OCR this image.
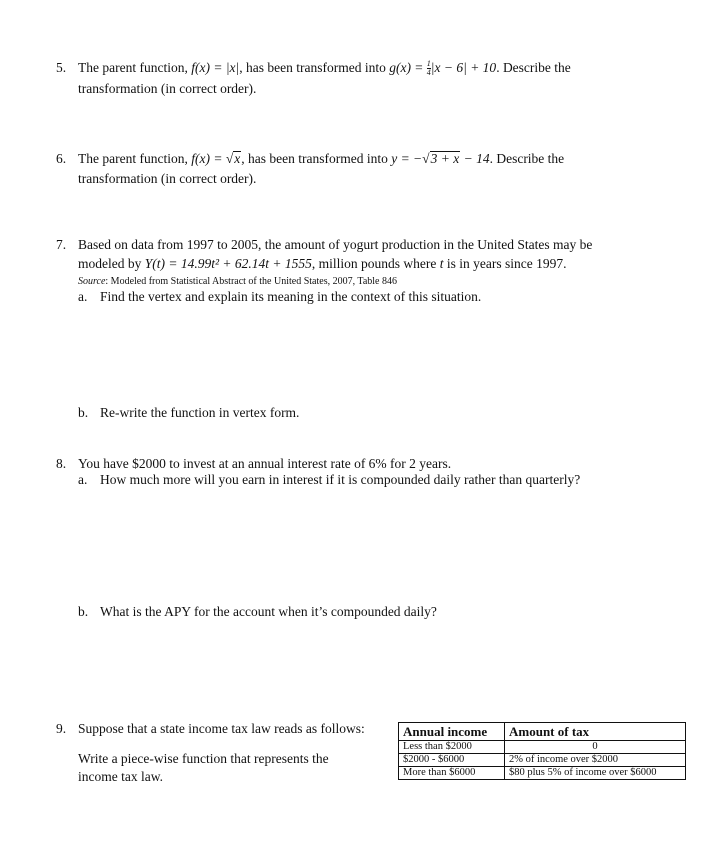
5. The parent function, f(x) = |x|, has been transformed into $g(x) = \frac{1}{4} |x - 6| + 10$. Describe the
transformation (in correct order).
6. The parent function, f(x) = √x, has been transformed into y = −√3 + x − 14. Describe the
transformation (in correct order).
7. Based on data from 1997 to 2005, the amount of yogurt production in the United States may be
modeled by Y(t) = 14.99t² + 62.14t + 1555, million pounds where t is in years since 1997.
Source: Modeled from Statistical Abstract of the United States, 2007, Table 846
a. Find the vertex and explain its meaning in the context of this situation.
b. Re-write the function in vertex form.
8. You have $2000 to invest at an annual interest rate of 6% for 2 years.
a. How much more will you earn in interest if it is compounded daily rather than quarterly?
b. What is the APY for the account when it’s compounded daily?
9. Suppose that a state income tax law reads as follows:
Write a piece-wise function that represents the
income tax law.
Annual income	Amount of tax
Less than $2000	0
$2000 - $6000	2% of income over $2000
More than $6000	$80 plus 5% of income over $6000
